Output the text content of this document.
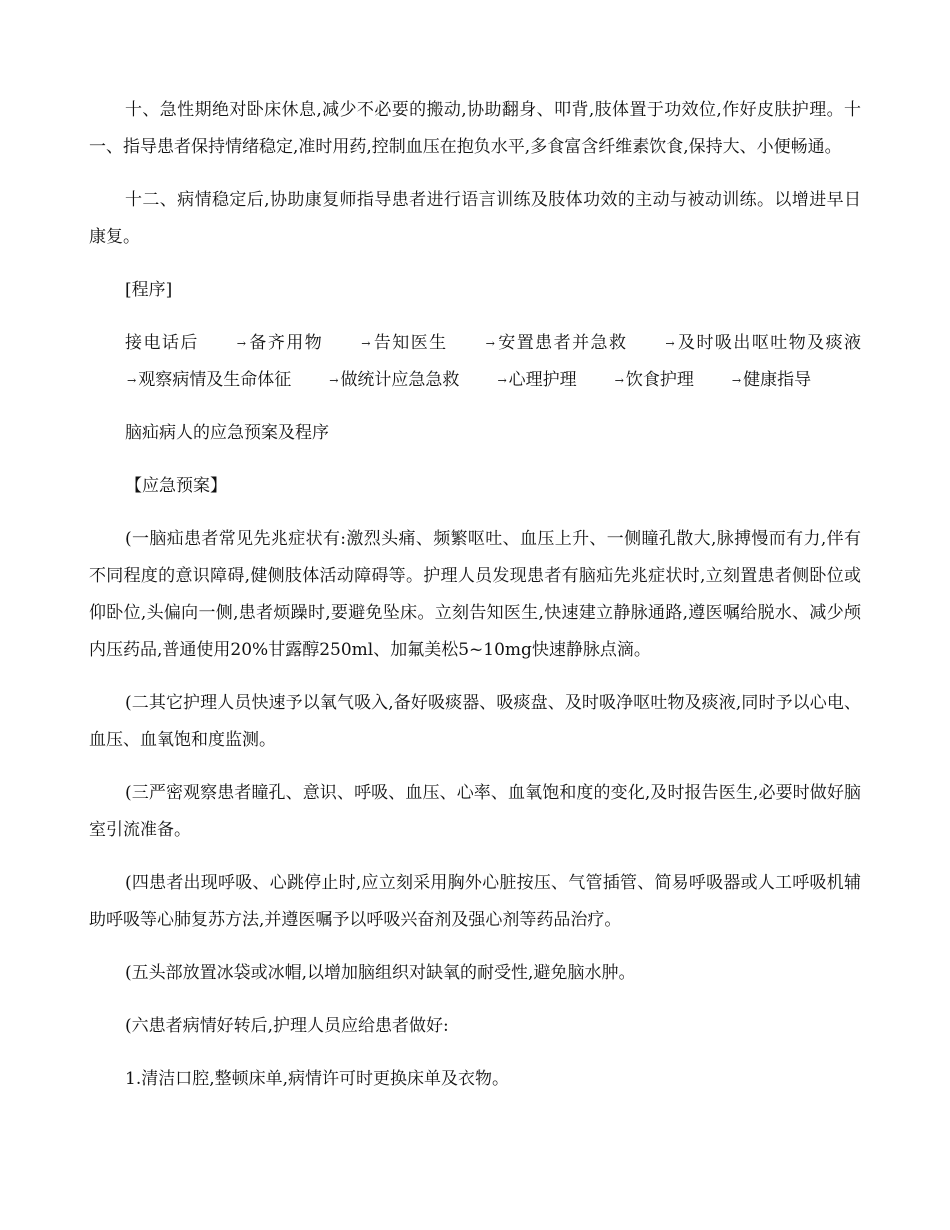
十、急性期绝对卧床休息,减少不必要的搬动,协助翻身、叩背,肢体置于功效位,作好皮肤护理。十一、指导患者保持情绪稳定,准时用药,控制血压在抱负水平,多食富含纤维素饮食,保持大、小便畅通。

十二、病情稳定后,协助康复师指导患者进行语言训练及肢体功效的主动与被动训练。以增进早日康复。

[程序]

接电话后	→ 备齐用物	→ 告知医生	→ 安置患者并急救	→ 及时吸出呕吐物及痰液→ 观察病情及生命体征	→ 做统计应急急救	→ 心理护理	→ 饮食护理	→ 健康指导

脑疝病人的应急预案及程序

【应急预案】

(一脑疝患者常见先兆症状有:激烈头痛、频繁呕吐、血压上升、一侧瞳孔散大,脉搏慢而有力,伴有不同程度的意识障碍,健侧肢体活动障碍等。护理人员发现患者有脑疝先兆症状时,立刻置患者侧卧位或仰卧位,头偏向一侧,患者烦躁时,要避免坠床。立刻告知医生,快速建立静脉通路,遵医嘱给脱水、减少颅内压药品,普通使用20%甘露醇250ml、加氟美松5~10mg快速静脉点滴。

(二其它护理人员快速予以氧气吸入,备好吸痰器、吸痰盘、及时吸净呕吐物及痰液,同时予以心电、血压、血氧饱和度监测。

(三严密观察患者瞳孔、意识、呼吸、血压、心率、血氧饱和度的变化,及时报告医生,必要时做好脑室引流准备。

(四患者出现呼吸、心跳停止时,应立刻采用胸外心脏按压、气管插管、简易呼吸器或人工呼吸机辅助呼吸等心肺复苏方法,并遵医嘱予以呼吸兴奋剂及强心剂等药品治疗。

(五头部放置冰袋或冰帽,以增加脑组织对缺氧的耐受性,避免脑水肿。

(六患者病情好转后,护理人员应给患者做好:

1.清洁口腔,整顿床单,病情许可时更换床单及衣物。
